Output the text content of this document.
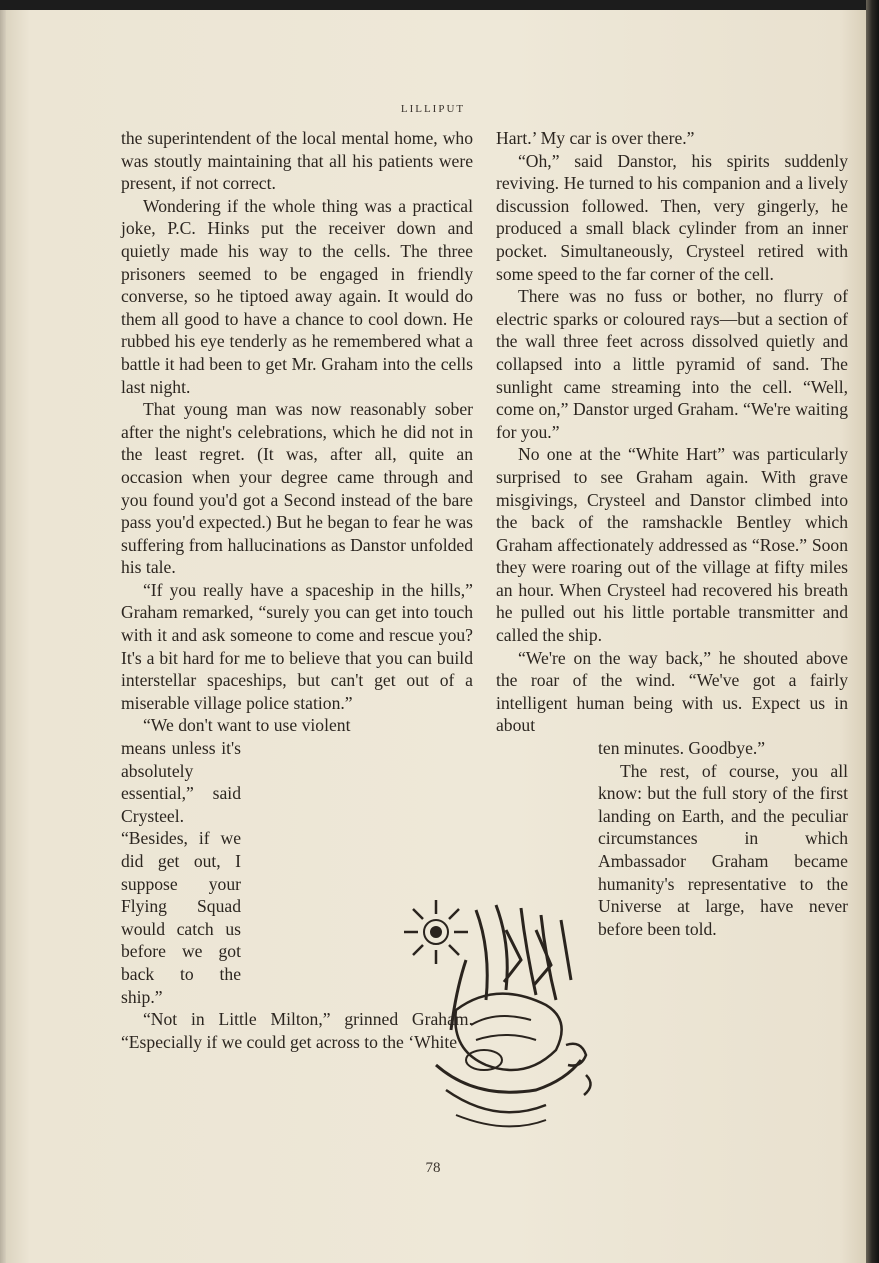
LILLIPUT

the superintendent of the local mental home, who was stoutly maintaining that all his patients were present, if not correct.

Wondering if the whole thing was a practical joke, P.C. Hinks put the receiver down and quietly made his way to the cells. The three prisoners seemed to be engaged in friendly converse, so he tiptoed away again. It would do them all good to have a chance to cool down. He rubbed his eye tenderly as he remembered what a battle it had been to get Mr. Graham into the cells last night.

That young man was now reasonably sober after the night's celebrations, which he did not in the least regret. (It was, after all, quite an occasion when your degree came through and you found you'd got a Second instead of the bare pass you'd expected.) But he began to fear he was suffering from hallucinations as Danstor unfolded his tale.

“If you really have a spaceship in the hills,” Graham remarked, “surely you can get into touch with it and ask someone to come and rescue you? It's a bit hard for me to believe that you can build interstellar spaceships, but can't get out of a miserable village police station.”

“We don't want to use violent

means unless it's absolutely essential,” said Crysteel. “Besides, if we did get out, I suppose your Flying Squad would catch us before we got back to the ship.”

“Not in Little Milton,” grinned Graham. “Especially if we could get across to the ‘White

Hart.’ My car is over there.”

“Oh,” said Danstor, his spirits suddenly reviving. He turned to his companion and a lively discussion followed. Then, very gingerly, he produced a small black cylinder from an inner pocket. Simultaneously, Crysteel retired with some speed to the far corner of the cell.

There was no fuss or bother, no flurry of electric sparks or coloured rays—but a section of the wall three feet across dissolved quietly and collapsed into a little pyramid of sand. The sunlight came streaming into the cell. “Well, come on,” Danstor urged Graham. “We're waiting for you.”

No one at the “White Hart” was particularly surprised to see Graham again. With grave misgivings, Crysteel and Danstor climbed into the back of the ramshackle Bentley which Graham affectionately addressed as “Rose.” Soon they were roaring out of the village at fifty miles an hour. When Crysteel had recovered his breath he pulled out his little portable transmitter and called the ship.

“We're on the way back,” he shouted above the roar of the wind. “We've got a fairly intelligent human being with us. Expect us in about

ten minutes. Goodbye.”

The rest, of course, you all know: but the full story of the first landing on Earth, and the peculiar circumstances in which Ambassador Graham became humanity's representative to the Universe at large, have never before been told.

78
